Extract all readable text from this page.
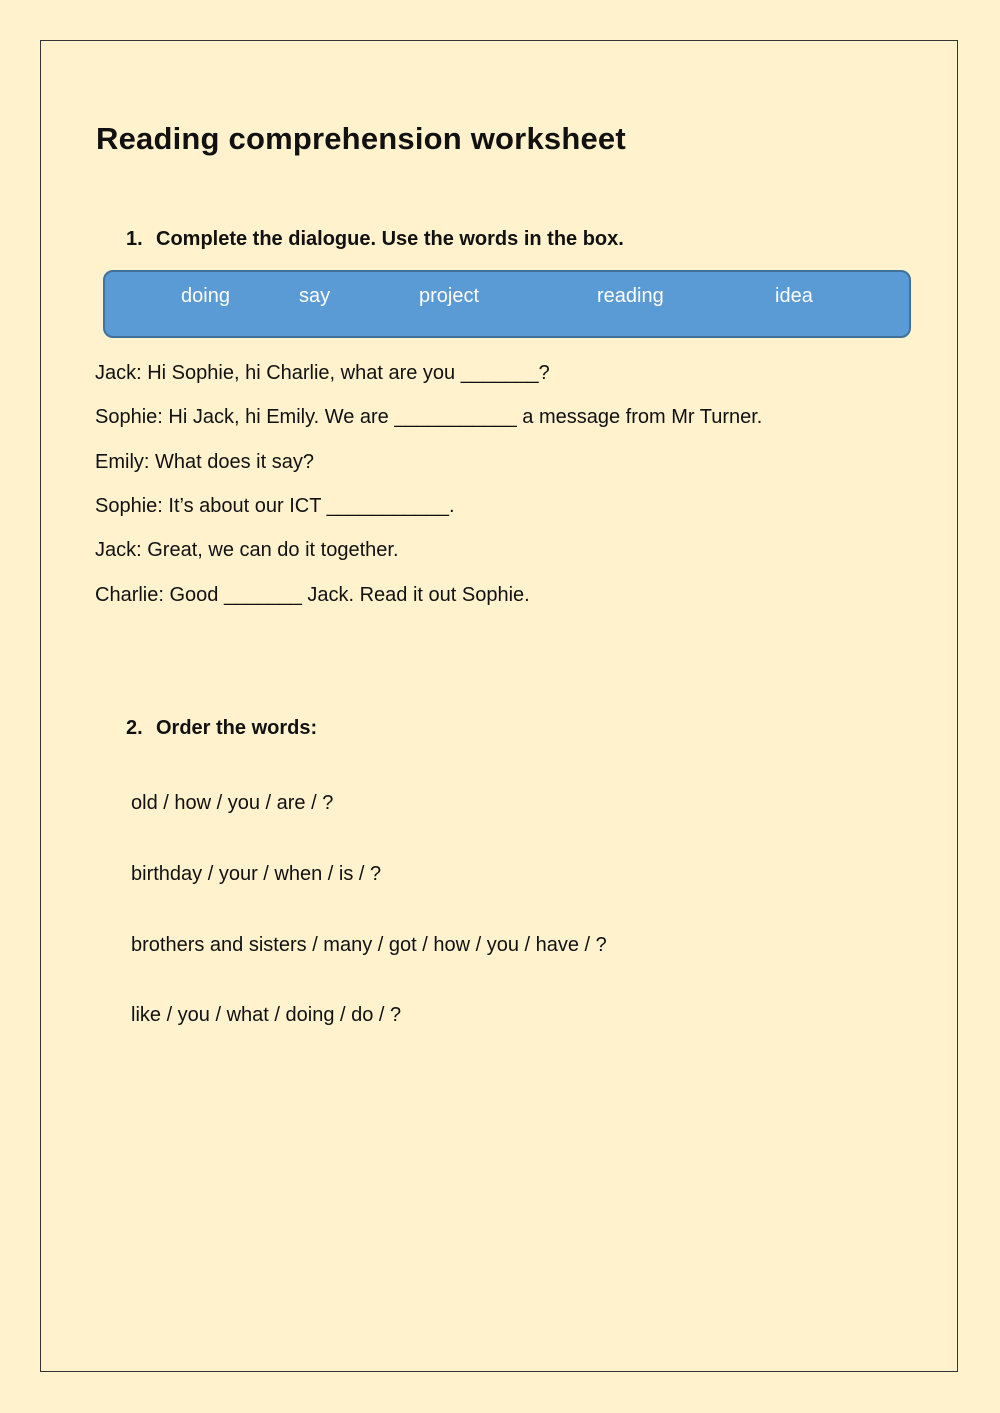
Reading comprehension worksheet

1. Complete the dialogue. Use the words in the box.

doing	say	project	reading	idea

Jack: Hi Sophie, hi Charlie, what are you _______?

Sophie: Hi Jack, hi Emily. We are ___________ a message from Mr Turner.

Emily: What does it say?

Sophie: It’s about our ICT ___________.

Jack: Great, we can do it together.

Charlie: Good _______ Jack. Read it out Sophie.

2. Order the words:

old / how / you / are / ?

birthday / your / when / is / ?

brothers and sisters / many / got / how / you / have / ?

like / you / what / doing / do / ?
